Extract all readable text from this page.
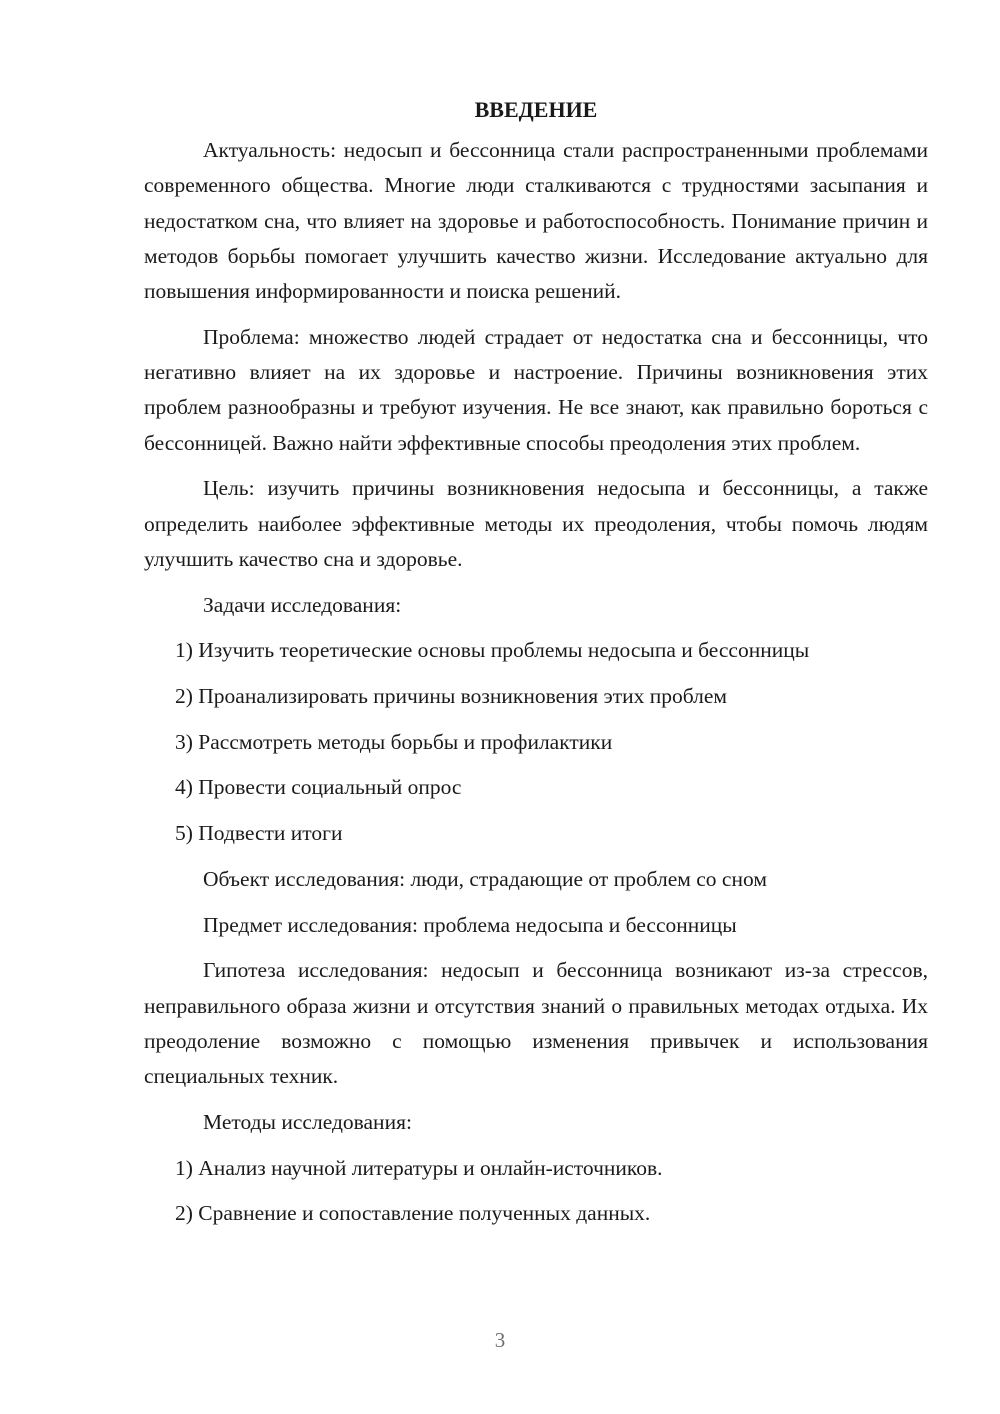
ВВЕДЕНИЕ

Актуальность: недосып и бессонница стали распространенными проблемами современного общества. Многие люди сталкиваются с трудностями засыпания и недостатком сна, что влияет на здоровье и работоспособность. Понимание причин и методов борьбы помогает улучшить качество жизни. Исследование актуально для повышения информированности и поиска решений.

Проблема: множество людей страдает от недостатка сна и бессонницы, что негативно влияет на их здоровье и настроение. Причины возникновения этих проблем разнообразны и требуют изучения. Не все знают, как правильно бороться с бессонницей. Важно найти эффективные способы преодоления этих проблем.

Цель: изучить причины возникновения недосыпа и бессонницы, а также определить наиболее эффективные методы их преодоления, чтобы помочь людям улучшить качество сна и здоровье.

Задачи исследования:
1) Изучить теоретические основы проблемы недосыпа и бессонницы
2) Проанализировать причины возникновения этих проблем
3) Рассмотреть методы борьбы и профилактики
4) Провести социальный опрос
5) Подвести итоги
Объект исследования: люди, страдающие от проблем со сном
Предмет исследования: проблема недосыпа и бессонницы

Гипотеза исследования: недосып и бессонница возникают из-за стрессов, неправильного образа жизни и отсутствия знаний о правильных методах отдыха. Их преодоление возможно с помощью изменения привычек и использования специальных техник.

Методы исследования:
1) Анализ научной литературы и онлайн-источников.
2) Сравнение и сопоставление полученных данных.
3
